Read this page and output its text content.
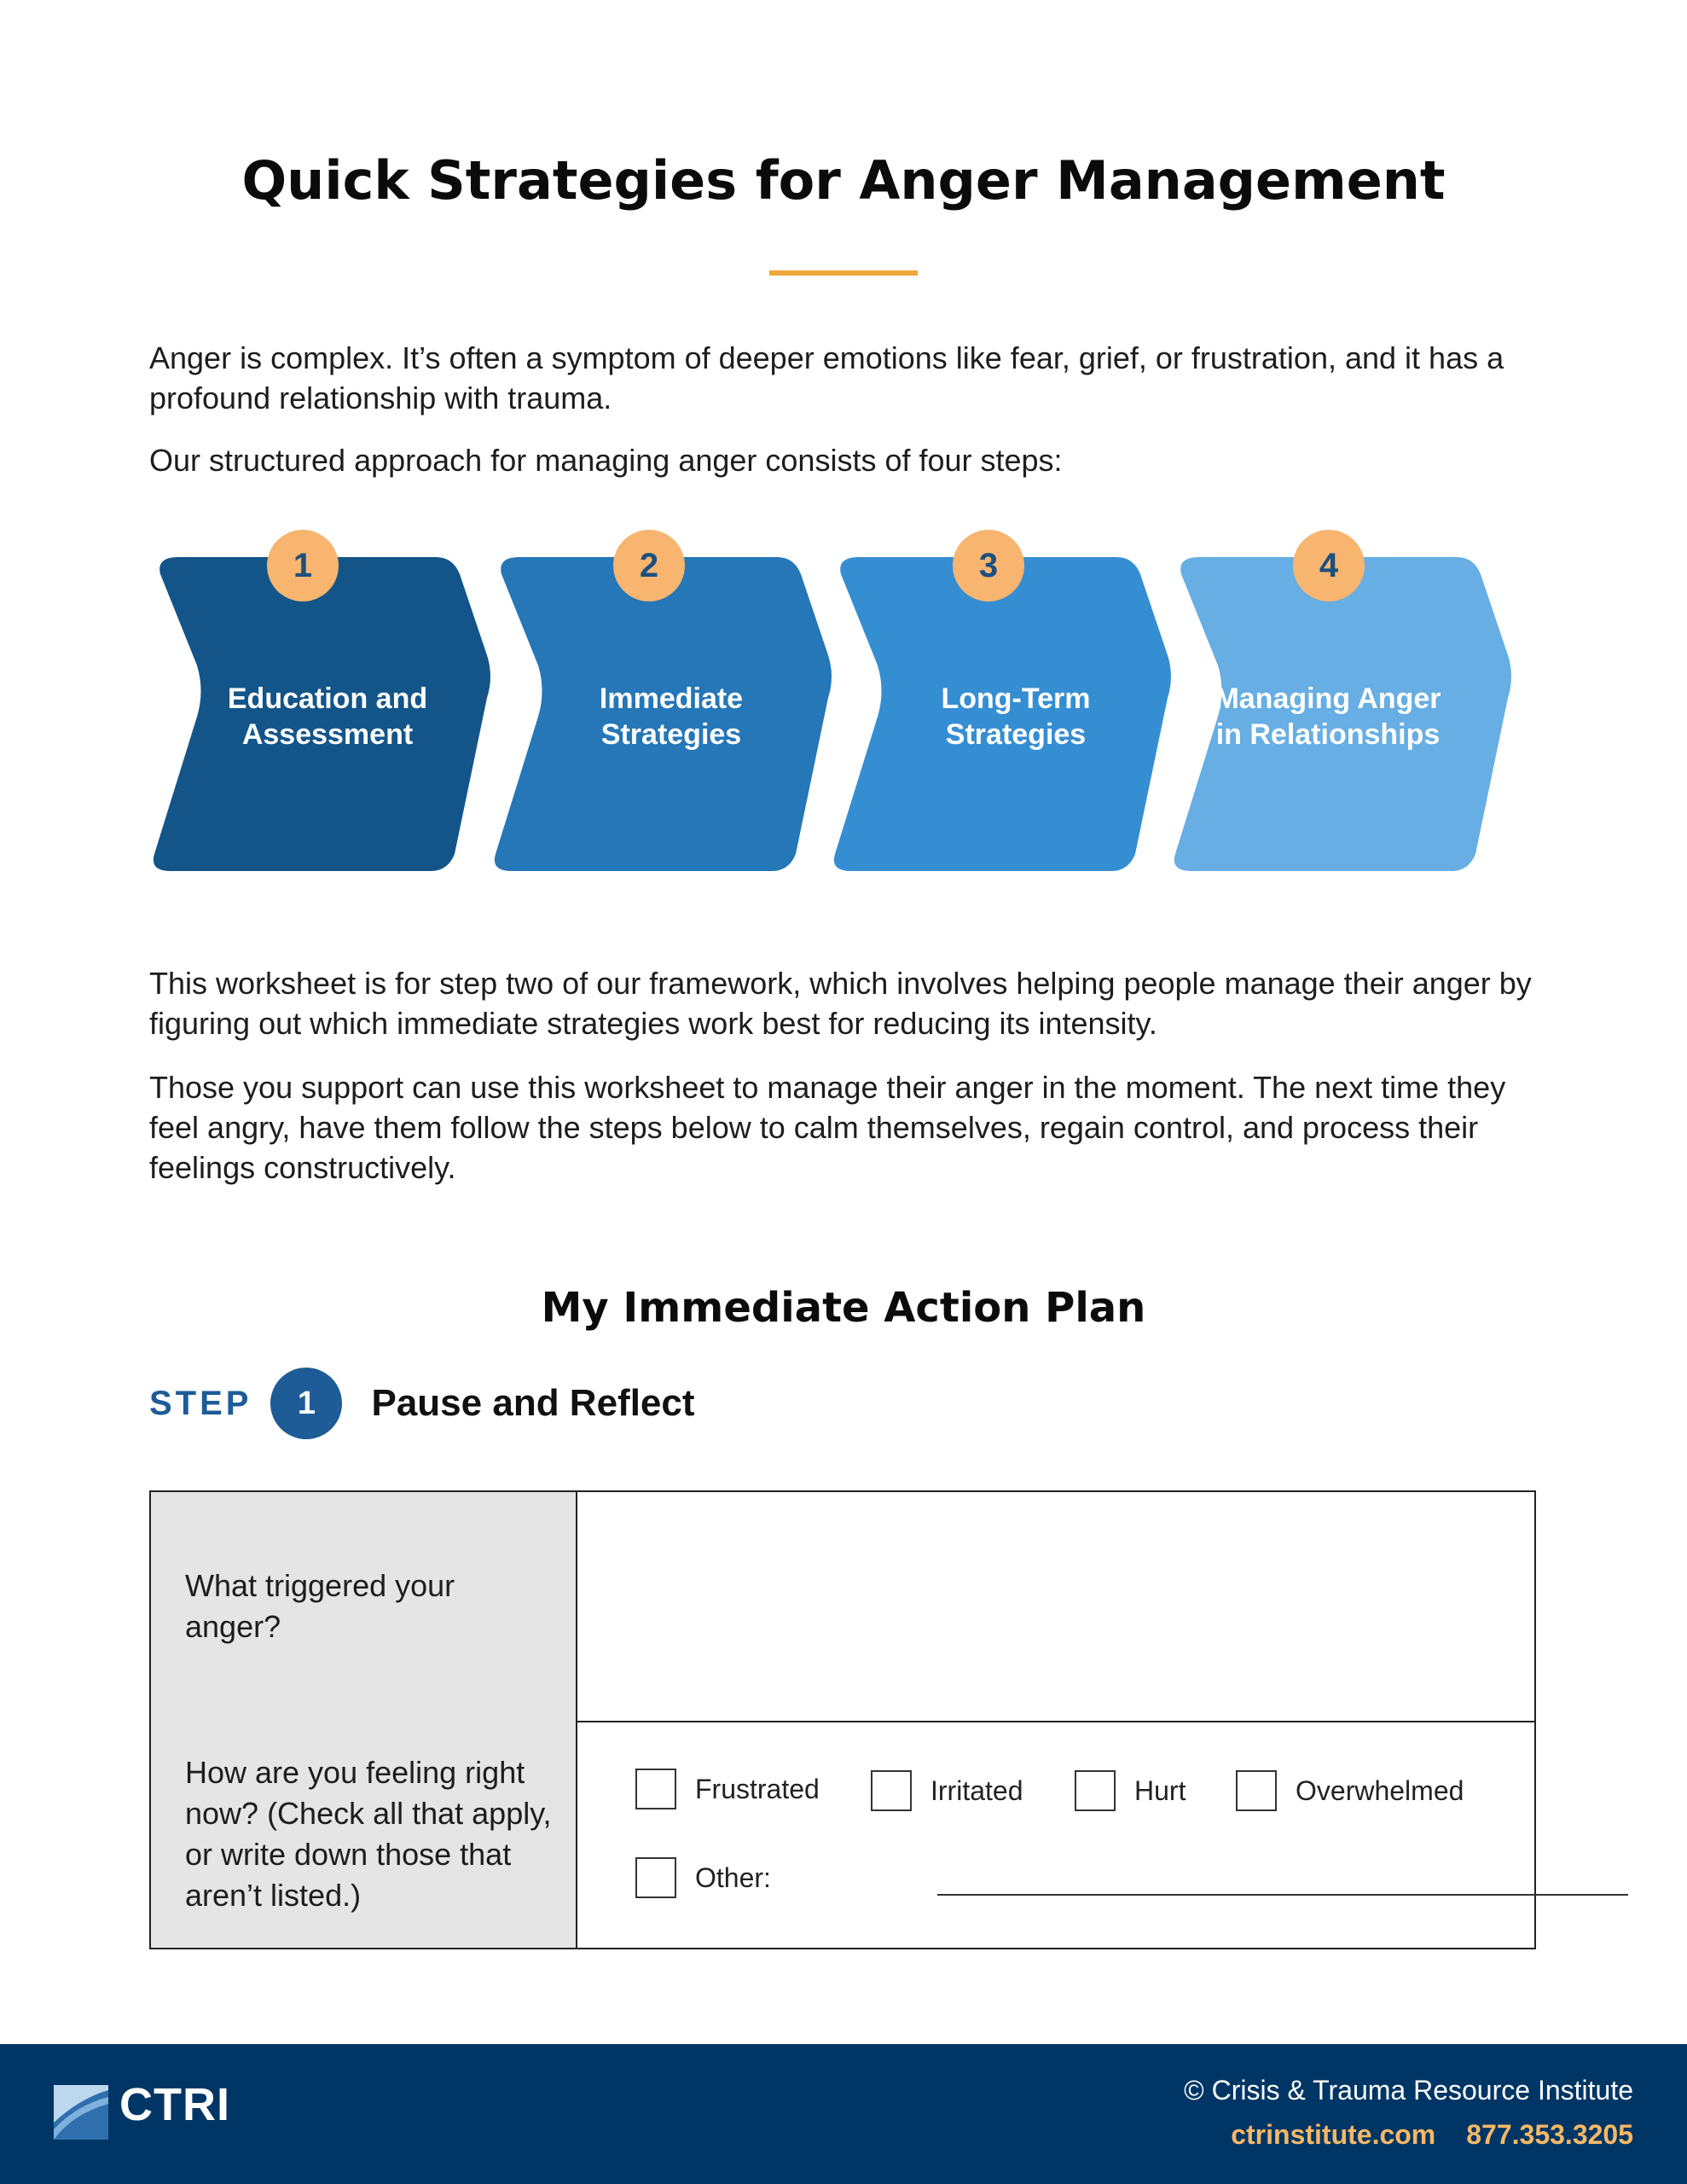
Quick Strategies for Anger Management

Anger is complex. It’s often a symptom of deeper emotions like fear, grief, or frustration, and it has a profound relationship with trauma.

Our structured approach for managing anger consists of four steps:

1	2	3	4
Education and Assessment
Immediate Strategies
Long-Term Strategies
Managing Anger in Relationships

This worksheet is for step two of our framework, which involves helping people manage their anger by figuring out which immediate strategies work best for reducing its intensity.

Those you support can use this worksheet to manage their anger in the moment. The next time they feel angry, have them follow the steps below to calm themselves, regain control, and process their feelings constructively.

My Immediate Action Plan
STEP	1	Pause and Reflect
What triggered your anger?
How are you feeling right now? (Check all that apply, or write down those that aren’t listed.)
Frustrated	Irritated	Hurt	Overwhelmed
Other:
CTRI	© Crisis & Trauma Resource Institute
ctrinstitute.com 877.353.3205
